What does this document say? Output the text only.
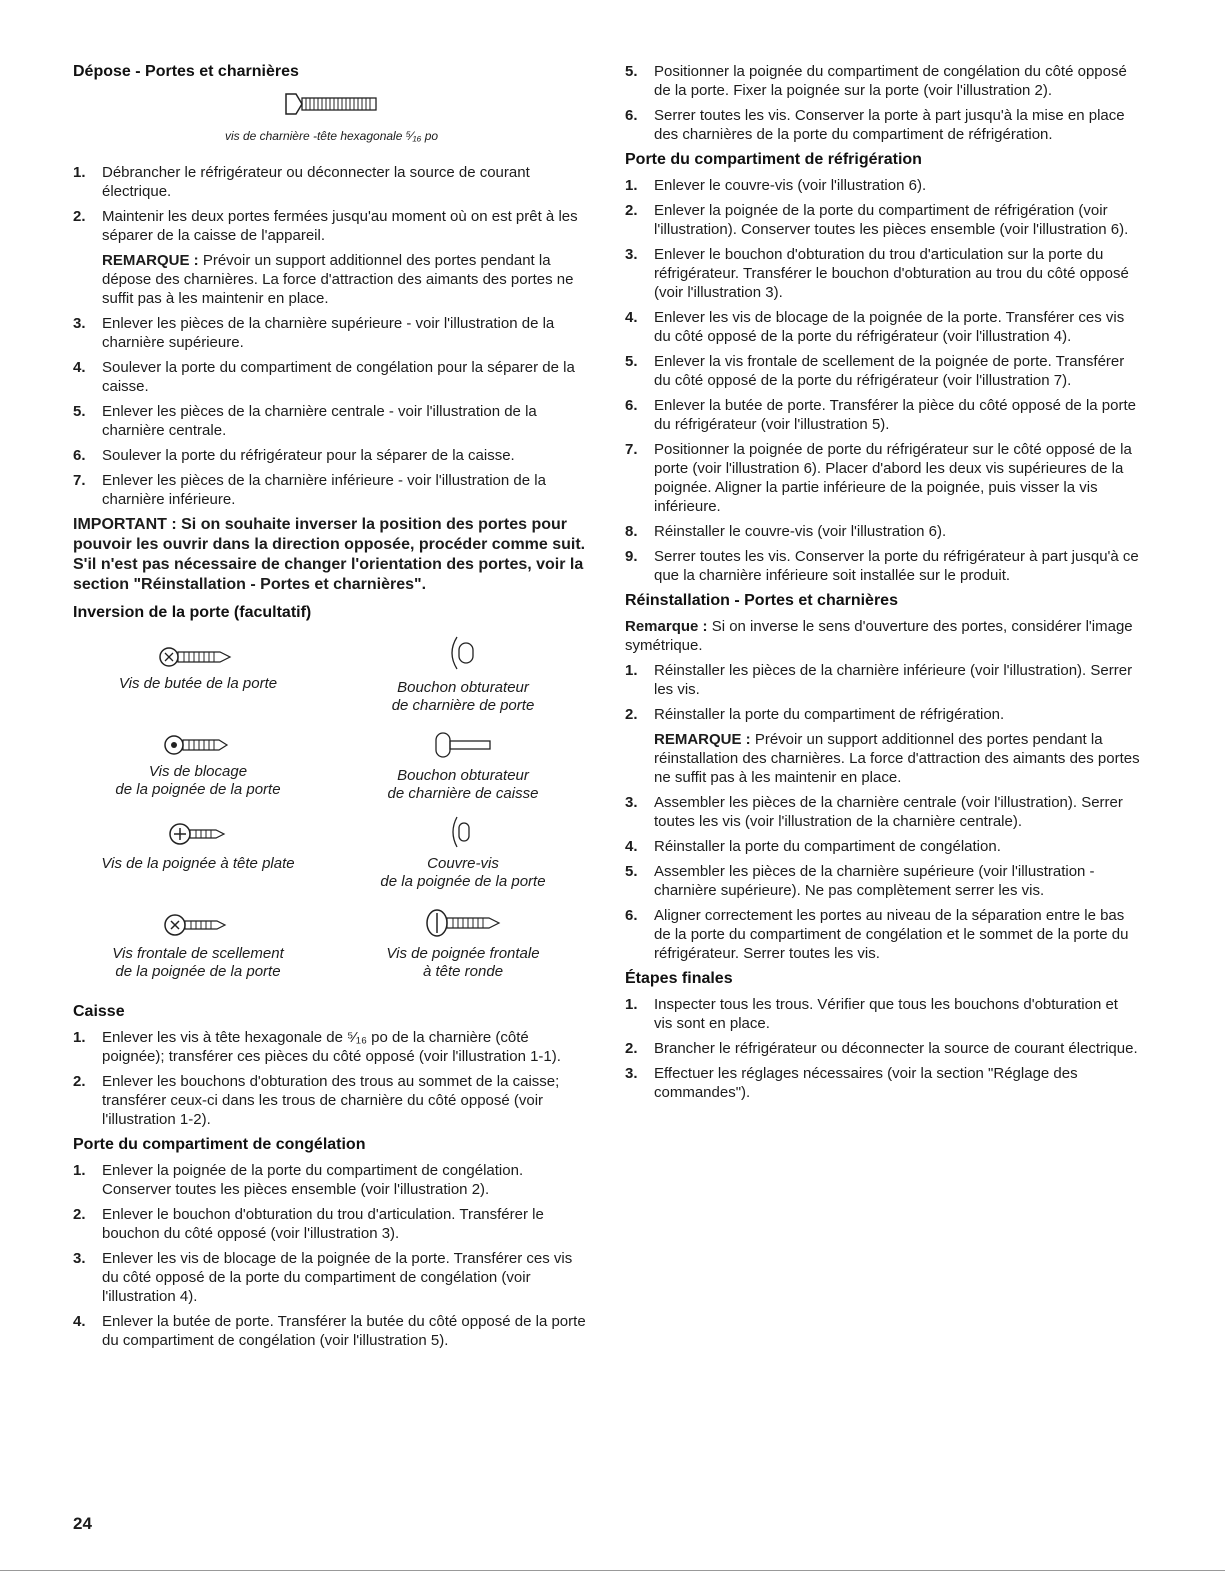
Dépose - Portes et charnières
vis de charnière -tête hexagonale ⁵⁄₁₆ po
1. Débrancher le réfrigérateur ou déconnecter la source de courant électrique.
2. Maintenir les deux portes fermées jusqu'au moment où on est prêt à les séparer de la caisse de l'appareil.
REMARQUE : Prévoir un support additionnel des portes pendant la dépose des charnières. La force d'attraction des aimants des portes ne suffit pas à les maintenir en place.
3. Enlever les pièces de la charnière supérieure - voir l'illustration de la charnière supérieure.
4. Soulever la porte du compartiment de congélation pour la séparer de la caisse.
5. Enlever les pièces de la charnière centrale - voir l'illustration de la charnière centrale.
6. Soulever la porte du réfrigérateur pour la séparer de la caisse.
7. Enlever les pièces de la charnière inférieure - voir l'illustration de la charnière inférieure.
IMPORTANT : Si on souhaite inverser la position des portes pour pouvoir les ouvrir dans la direction opposée, procéder comme suit. S'il n'est pas nécessaire de changer l'orientation des portes, voir la section "Réinstallation - Portes et charnières".
Inversion de la porte (facultatif)
Vis de butée de la porte	Bouchon obturateur
de charnière de porte
Vis de blocage
de la poignée de la porte
Bouchon obturateur
de charnière de caisse
Vis de la poignée à tête plate	Couvre-vis
de la poignée de la porte
Vis frontale de scellement
de la poignée de la porte
Vis de poignée frontale
à tête ronde
Caisse
1. Enlever les vis à tête hexagonale de ⁵⁄₁₆ po de la charnière (côté poignée); transférer ces pièces du côté opposé (voir l'illustration 1-1).
2. Enlever les bouchons d'obturation des trous au sommet de la caisse; transférer ceux-ci dans les trous de charnière du côté opposé (voir l'illustration 1-2).
Porte du compartiment de congélation
1. Enlever la poignée de la porte du compartiment de congélation. Conserver toutes les pièces ensemble (voir l'illustration 2).
2. Enlever le bouchon d'obturation du trou d'articulation. Transférer le bouchon du côté opposé (voir l'illustration 3).
3. Enlever les vis de blocage de la poignée de la porte. Transférer ces vis du côté opposé de la porte du compartiment de congélation (voir l'illustration 4).
4. Enlever la butée de porte. Transférer la butée du côté opposé de la porte du compartiment de congélation (voir l'illustration 5).
5. Positionner la poignée du compartiment de congélation du côté opposé de la porte. Fixer la poignée sur la porte (voir l'illustration 2).
6. Serrer toutes les vis. Conserver la porte à part jusqu'à la mise en place des charnières de la porte du compartiment de réfrigération.
Porte du compartiment de réfrigération
1. Enlever le couvre-vis (voir l'illustration 6).
2. Enlever la poignée de la porte du compartiment de réfrigération (voir l'illustration). Conserver toutes les pièces ensemble (voir l'illustration 6).
3. Enlever le bouchon d'obturation du trou d'articulation sur la porte du réfrigérateur. Transférer le bouchon d'obturation au trou du côté opposé (voir l'illustration 3).
4. Enlever les vis de blocage de la poignée de la porte. Transférer ces vis du côté opposé de la porte du réfrigérateur (voir l'illustration 4).
5. Enlever la vis frontale de scellement de la poignée de porte. Transférer du côté opposé de la porte du réfrigérateur (voir l'illustration 7).
6. Enlever la butée de porte. Transférer la pièce du côté opposé de la porte du réfrigérateur (voir l'illustration 5).
7. Positionner la poignée de porte du réfrigérateur sur le côté opposé de la porte (voir l'illustration 6). Placer d'abord les deux vis supérieures de la poignée. Aligner la partie inférieure de la poignée, puis visser la vis inférieure.
8. Réinstaller le couvre-vis (voir l'illustration 6).
9. Serrer toutes les vis. Conserver la porte du réfrigérateur à part jusqu'à ce que la charnière inférieure soit installée sur le produit.
Réinstallation - Portes et charnières
Remarque : Si on inverse le sens d'ouverture des portes, considérer l'image symétrique.
1. Réinstaller les pièces de la charnière inférieure (voir l'illustration). Serrer les vis.
2. Réinstaller la porte du compartiment de réfrigération.
REMARQUE : Prévoir un support additionnel des portes pendant la réinstallation des charnières. La force d'attraction des aimants des portes ne suffit pas à les maintenir en place.
3. Assembler les pièces de la charnière centrale (voir l'illustration). Serrer toutes les vis (voir l'illustration de la charnière centrale).
4. Réinstaller la porte du compartiment de congélation.
5. Assembler les pièces de la charnière supérieure (voir l'illustration - charnière supérieure). Ne pas complètement serrer les vis.
6. Aligner correctement les portes au niveau de la séparation entre le bas de la porte du compartiment de congélation et le sommet de la porte du réfrigérateur. Serrer toutes les vis.
Étapes finales
1. Inspecter tous les trous. Vérifier que tous les bouchons d'obturation et vis sont en place.
2. Brancher le réfrigérateur ou déconnecter la source de courant électrique.
3. Effectuer les réglages nécessaires (voir la section "Réglage des commandes").
24
